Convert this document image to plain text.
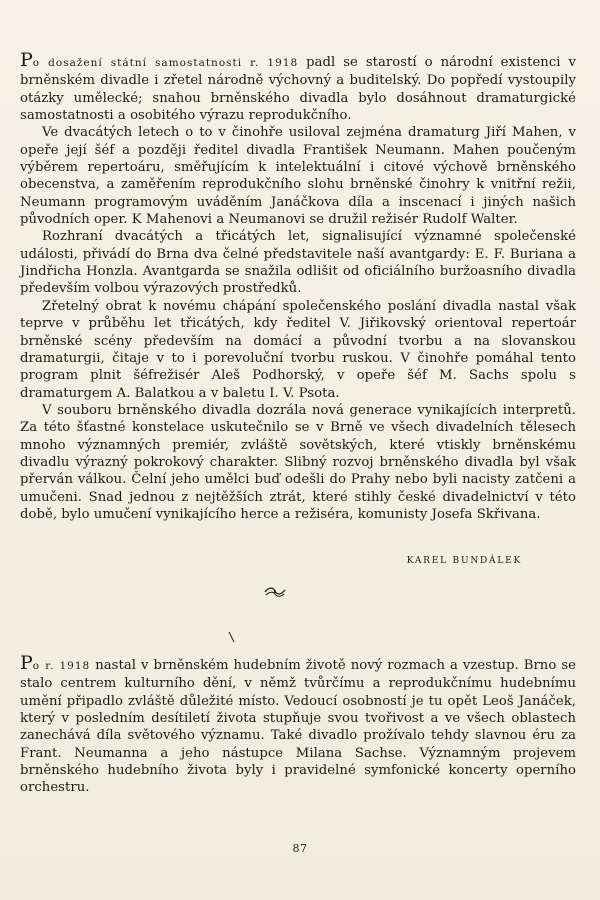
Po dosažení státní samostatnosti r. 1918 padl se starostí o národní existenci v brněnském divadle i zřetel národně výchovný a buditelský. Do popředí vystoupily otázky umělecké; snahou brněnského divadla bylo dosáhnout dramaturgické samostatnosti a osobitého výrazu reprodukčního.

Ve dvacátých letech o to v činohře usiloval zejména dramaturg Jiří Mahen, v opeře její šéf a později ředitel divadla František Neumann. Mahen poučeným výběrem repertoáru, směřujícím k intelektuální i citové výchově brněnského obecenstva, a zaměřením reprodukčního slohu brněnské činohry k vnitřní režii, Neumann programovým uváděním Janáčkova díla a inscenací i jiných našich původních oper. K Mahenovi a Neumanovi se družil režisér Rudolf Walter.

Rozhraní dvacátých a třicátých let, signalisující významné společenské události, přivádí do Brna dva čelné představitele naší avantgardy: E. F. Buriana a Jindřicha Honzla. Avantgarda se snažila odlišit od oficiálního buržoasního divadla především volbou výrazových prostředků.

Zřetelný obrat k novému chápání společenského poslání divadla nastal však teprve v průběhu let třicátých, kdy ředitel V. Jiřikovský orientoval repertoár brněnské scény především na domácí a původní tvorbu a na slovanskou dramaturgii, čitaje v to i porevoluční tvorbu ruskou. V činohře pomáhal tento program plnit šéfrežisér Aleš Podhorský, v opeře šéf M. Sachs spolu s dramaturgem A. Balatkou a v baletu I. V. Psota.

V souboru brněnského divadla dozrála nová generace vynikajících interpretů. Za této šťastné konstelace uskutečnilo se v Brně ve všech divadelních tělesech mnoho významných premiér, zvláště sovětských, které vtiskly brněnskému divadlu výrazný pokrokový charakter. Slibný rozvoj brněnského divadla byl však přerván válkou. Čelní jeho umělci buď odešli do Prahy nebo byli nacisty zatčeni a umučeni. Snad jednou z nejtěžších ztrát, které stihly české divadelnictví v této době, bylo umučení vynikajícího herce a režiséra, komunisty Josefa Skřivana.

KAREL BUNDÁLEK

Po r. 1918 nastal v brněnském hudebním životě nový rozmach a vzestup. Brno se stalo centrem kulturního dění, v němž tvůrčímu a reprodukčnímu hudebnímu umění připadlo zvláště důležité místo. Vedoucí osobností je tu opět Leoš Janáček, který v posledním desítiletí života stupňuje svou tvořivost a ve všech oblastech zanechává díla světového významu. Také divadlo prožívalo tehdy slavnou éru za Frant. Neumanna a jeho nástupce Milana Sachse. Významným projevem brněnského hudebního života byly i pravidelné symfonické koncerty operního orchestru.

87
